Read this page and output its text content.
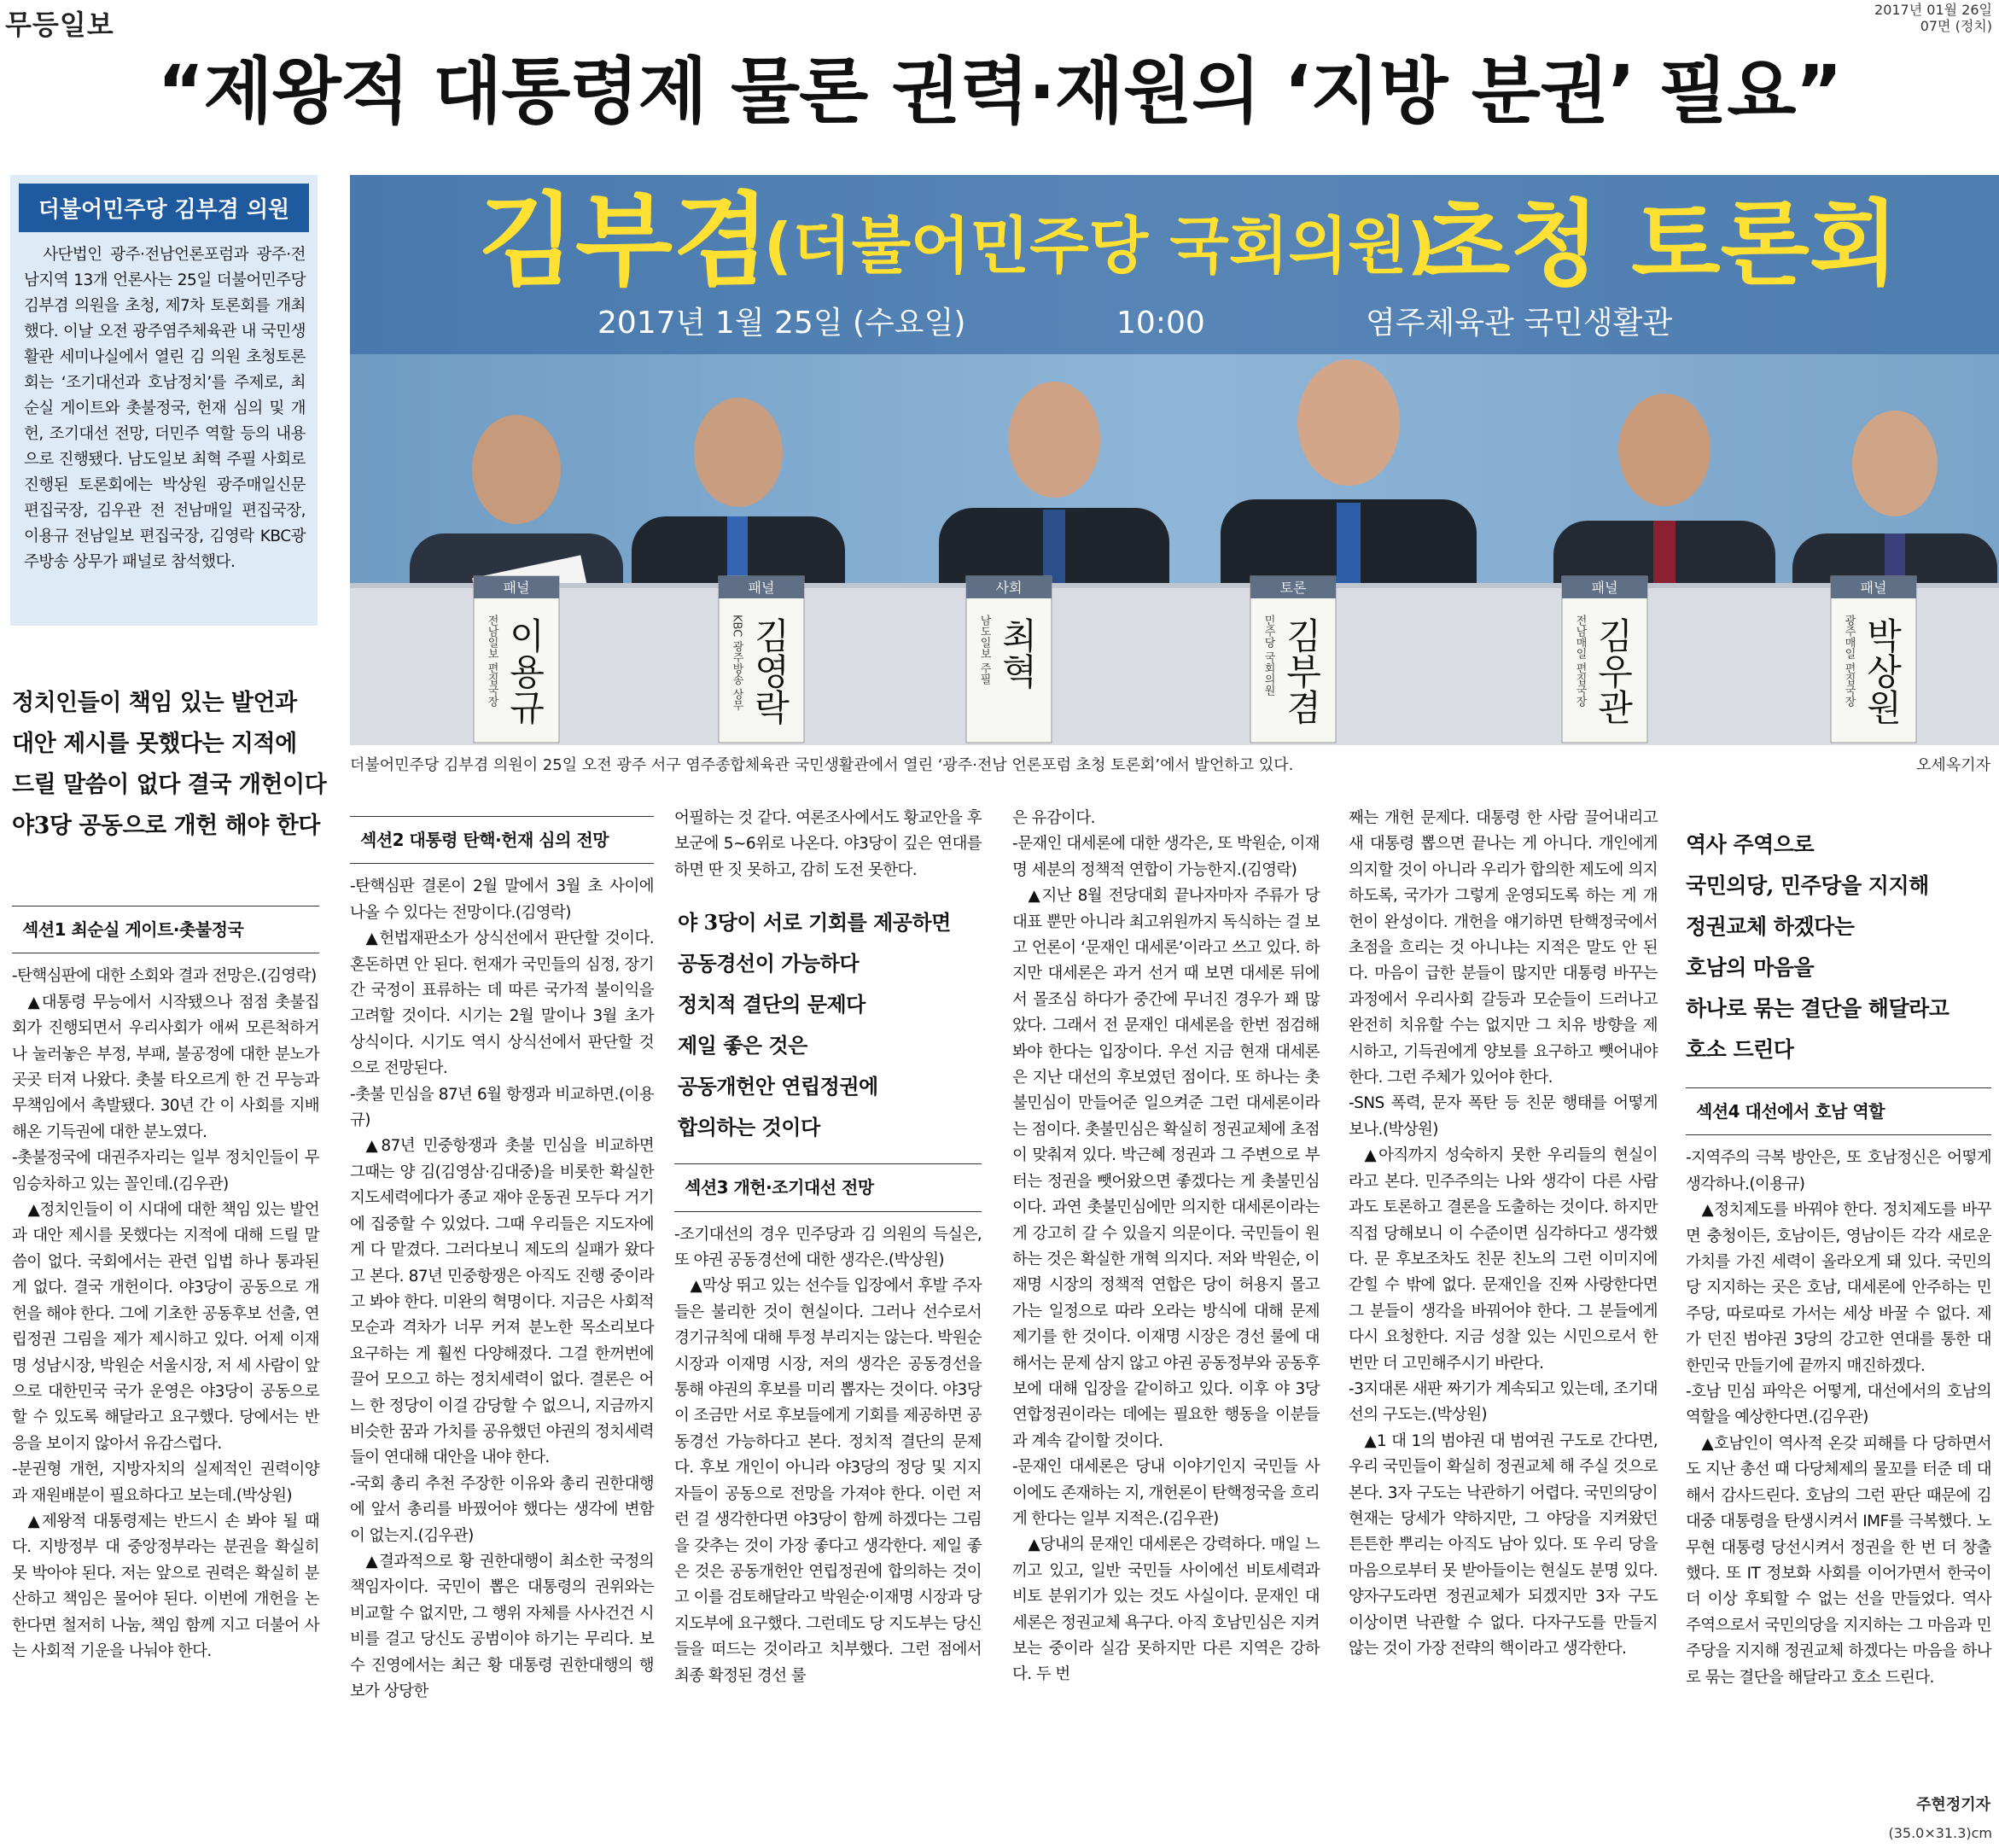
무등일보	2017년 01월 26일
07면 (정치)
“제왕적 대통령제 물론 권력·재원의 ‘지방 분권’ 필요”
더불어민주당 김부겸 의원
사단법인 광주·전남언론포럼과 광주·전남지역 13개 언론사는 25일 더불어민주당 김부겸 의원을 초청, 제7차 토론회를 개최했다. 이날 오전 광주염주체육관 내 국민생활관 세미나실에서 열린 김 의원 초청토론회는 ‘조기대선과 호남정치’를 주제로, 최순실 게이트와 촛불정국, 헌재 심의 및 개헌, 조기대선 전망, 더민주 역할 등의 내용으로 진행됐다. 남도일보 최혁 주필 사회로 진행된 토론회에는 박상원 광주매일신문 편집국장, 김우관 전 전남매일 편집국장, 이용규 전남일보 편집국장, 김영락 KBC광주방송 상무가 패널로 참석했다.
김부겸
(더불어민주당 국회의원)
초청 토론회
2017년 1월 25일 (수요일)	10:00	염주체육관 국민생활관
패널
전남일보 편집국장 이용규
패널
KBC 광주방송 상무 김영락
사회
남도일보 주필 최혁
토론
민주당 국회의원 김부겸
패널
전남매일 편집국장 김우관
패널
광주매일 편집국장 박상원
더불어민주당 김부겸 의원이 25일 오전 광주 서구 염주종합체육관 국민생활관에서 열린 ‘광주·전남 언론포럼 초청 토론회’에서 발언하고 있다.	오세옥기자
정치인들이 책임 있는 발언과
대안 제시를 못했다는 지적에
드릴 말씀이 없다 결국 개헌이다
야3당 공동으로 개헌 해야 한다
섹션1 최순실 게이트·촛불정국

-탄핵심판에 대한 소회와 결과 전망은.(김영락)

▲대통령 무능에서 시작됐으나 점점 촛불집회가 진행되면서 우리사회가 애써 모른척하거나 눌러놓은 부정, 부패, 불공정에 대한 분노가 곳곳 터져 나왔다. 촛불 타오르게 한 건 무능과 무책임에서 촉발됐다. 30년 간 이 사회를 지배해온 기득권에 대한 분노였다.

-촛불정국에 대권주자리는 일부 정치인들이 무임승차하고 있는 꼴인데.(김우관)

▲정치인들이 이 시대에 대한 책임 있는 발언과 대안 제시를 못했다는 지적에 대해 드릴 말씀이 없다. 국회에서는 관련 입법 하나 통과된 게 없다. 결국 개헌이다. 야3당이 공동으로 개헌을 해야 한다. 그에 기초한 공동후보 선출, 연립정권 그림을 제가 제시하고 있다. 어제 이재명 성남시장, 박원순 서울시장, 저 세 사람이 앞으로 대한민국 국가 운영은 야3당이 공동으로 할 수 있도록 해달라고 요구했다. 당에서는 반응을 보이지 않아서 유감스럽다.

-분권형 개헌, 지방자치의 실제적인 권력이양과 재원배분이 필요하다고 보는데.(박상원)

▲제왕적 대통령제는 반드시 손 봐야 될 때다. 지방정부 대 중앙정부라는 분권을 확실히 못 박아야 된다. 저는 앞으로 권력은 확실히 분산하고 책임은 물어야 된다. 이번에 개헌을 논한다면 철저히 나눔, 책임 함께 지고 더불어 사는 사회적 기운을 나눠야 한다.

섹션2 대통령 탄핵·헌재 심의 전망

-탄핵심판 결론이 2월 말에서 3월 초 사이에 나올 수 있다는 전망이다.(김영락)

▲헌법재판소가 상식선에서 판단할 것이다. 혼돈하면 안 된다. 헌재가 국민들의 심정, 장기간 국정이 표류하는 데 따른 국가적 불이익을 고려할 것이다. 시기는 2월 말이나 3월 초가 상식이다. 시기도 역시 상식선에서 판단할 것으로 전망된다.

-촛불 민심을 87년 6월 항쟁과 비교하면.(이용규)

▲87년 민중항쟁과 촛불 민심을 비교하면 그때는 양 김(김영삼·김대중)을 비롯한 확실한 지도세력에다가 종교 재야 운동권 모두다 거기에 집중할 수 있었다. 그때 우리들은 지도자에게 다 맡겼다. 그러다보니 제도의 실패가 왔다고 본다. 87년 민중항쟁은 아직도 진행 중이라고 봐야 한다. 미완의 혁명이다. 지금은 사회적 모순과 격차가 너무 커져 분노한 목소리보다 요구하는 게 훨씬 다양해졌다. 그걸 한꺼번에 끌어 모으고 하는 정치세력이 없다. 결론은 어느 한 정당이 이걸 감당할 수 없으니, 지금까지 비슷한 꿈과 가치를 공유했던 야권의 정치세력들이 연대해 대안을 내야 한다.

-국회 총리 추천 주장한 이유와 총리 권한대행에 앞서 총리를 바꿨어야 했다는 생각에 변함이 없는지.(김우관)

▲결과적으로 황 권한대행이 최소한 국정의 책임자이다. 국민이 뽑은 대통령의 권위와는 비교할 수 없지만, 그 행위 자체를 사사건건 시비를 걸고 당신도 공범이야 하기는 무리다. 보수 진영에서는 최근 황 대통령 권한대행의 행보가 상당한

어필하는 것 같다. 여론조사에서도 황교안을 후보군에 5~6위로 나온다. 야3당이 깊은 연대를 하면 딴 짓 못하고, 감히 도전 못한다.

야 3당이 서로 기회를 제공하면
공동경선이 가능하다
정치적 결단의 문제다
제일 좋은 것은
공동개헌안 연립정권에
합의하는 것이다
섹션3 개헌·조기대선 전망

-조기대선의 경우 민주당과 김 의원의 득실은, 또 야권 공동경선에 대한 생각은.(박상원)

▲막상 뛰고 있는 선수들 입장에서 후발 주자들은 불리한 것이 현실이다. 그러나 선수로서 경기규칙에 대해 투정 부리지는 않는다. 박원순 시장과 이재명 시장, 저의 생각은 공동경선을 통해 야권의 후보를 미리 뽑자는 것이다. 야3당이 조금만 서로 후보들에게 기회를 제공하면 공동경선 가능하다고 본다. 정치적 결단의 문제다. 후보 개인이 아니라 야3당의 정당 및 지지자들이 공동으로 전망을 가져야 한다. 이런 저런 걸 생각한다면 야3당이 함께 하겠다는 그림을 갖추는 것이 가장 좋다고 생각한다. 제일 좋은 것은 공동개헌안 연립정권에 합의하는 것이고 이를 검토해달라고 박원순·이재명 시장과 당 지도부에 요구했다. 그런데도 당 지도부는 당신들을 떠드는 것이라고 치부했다. 그런 점에서 최종 확정된 경선 룰

은 유감이다.

-문재인 대세론에 대한 생각은, 또 박원순, 이재명 세분의 정책적 연합이 가능한지.(김영락)

▲지난 8월 전당대회 끝나자마자 주류가 당 대표 뿐만 아니라 최고위원까지 독식하는 걸 보고 언론이 ‘문재인 대세론’이라고 쓰고 있다. 하지만 대세론은 과거 선거 때 보면 대세론 뒤에서 몰조심 하다가 중간에 무너진 경우가 꽤 많았다. 그래서 전 문재인 대세론을 한번 점검해봐야 한다는 입장이다. 우선 지금 현재 대세론은 지난 대선의 후보였던 점이다. 또 하나는 촛불민심이 만들어준 일으켜준 그런 대세론이라는 점이다. 촛불민심은 확실히 정권교체에 초점이 맞춰져 있다. 박근혜 정권과 그 주변으로 부터는 정권을 뺏어왔으면 좋겠다는 게 촛불민심이다. 과연 촛불민심에만 의지한 대세론이라는 게 강고히 갈 수 있을지 의문이다. 국민들이 원하는 것은 확실한 개혁 의지다. 저와 박원순, 이재명 시장의 정책적 연합은 당이 허용지 몰고 가는 일정으로 따라 오라는 방식에 대해 문제 제기를 한 것이다. 이재명 시장은 경선 룰에 대해서는 문제 삼지 않고 야권 공동정부와 공동후보에 대해 입장을 같이하고 있다. 이후 야 3당 연합정권이라는 데에는 필요한 행동을 이분들과 계속 같이할 것이다.

-문재인 대세론은 당내 이야기인지 국민들 사이에도 존재하는 지, 개헌론이 탄핵정국을 흐리게 한다는 일부 지적은.(김우관)

▲당내의 문재인 대세론은 강력하다. 매일 느끼고 있고, 일반 국민들 사이에선 비토세력과 비토 분위기가 있는 것도 사실이다. 문재인 대세론은 정권교체 욕구다. 아직 호남민심은 지켜보는 중이라 실감 못하지만 다른 지역은 강하다. 두 번

째는 개헌 문제다. 대통령 한 사람 끌어내리고 새 대통령 뽑으면 끝나는 게 아니다. 개인에게 의지할 것이 아니라 우리가 합의한 제도에 의지하도록, 국가가 그렇게 운영되도록 하는 게 개헌이 완성이다. 개헌을 얘기하면 탄핵정국에서 초점을 흐리는 것 아니냐는 지적은 말도 안 된다. 마음이 급한 분들이 많지만 대통령 바꾸는 과정에서 우리사회 갈등과 모순들이 드러나고 완전히 치유할 수는 없지만 그 치유 방향을 제시하고, 기득권에게 양보를 요구하고 뺏어내야 한다. 그런 주체가 있어야 한다.

-SNS 폭력, 문자 폭탄 등 친문 행태를 어떻게 보나.(박상원)

▲아직까지 성숙하지 못한 우리들의 현실이라고 본다. 민주주의는 나와 생각이 다른 사람과도 토론하고 결론을 도출하는 것이다. 하지만 직접 당해보니 이 수준이면 심각하다고 생각했다. 문 후보조차도 친문 친노의 그런 이미지에 갇힐 수 밖에 없다. 문재인을 진짜 사랑한다면 그 분들이 생각을 바꿔어야 한다. 그 분들에게 다시 요청한다. 지금 성찰 있는 시민으로서 한 번만 더 고민해주시기 바란다.

-3지대론 새판 짜기가 계속되고 있는데, 조기대선의 구도는.(박상원)

▲1 대 1의 범야권 대 범여권 구도로 간다면, 우리 국민들이 확실히 정권교체 해 주실 것으로 본다. 3자 구도는 낙관하기 어렵다. 국민의당이 현재는 당세가 약하지만, 그 야당을 지켜왔던 튼튼한 뿌리는 아직도 남아 있다. 또 우리 당을 마음으로부터 못 받아들이는 현실도 분명 있다. 양자구도라면 정권교체가 되겠지만 3자 구도 이상이면 낙관할 수 없다. 다자구도를 만들지 않는 것이 가장 전략의 핵이라고 생각한다.

역사 주역으로
국민의당, 민주당을 지지해
정권교체 하겠다는
호남의 마음을
하나로 묶는 결단을 해달라고
호소 드린다
섹션4 대선에서 호남 역할

-지역주의 극복 방안은, 또 호남정신은 어떻게 생각하나.(이용규)

▲정치제도를 바꿔야 한다. 정치제도를 바꾸면 충청이든, 호남이든, 영남이든 각각 새로운 가치를 가진 세력이 올라오게 돼 있다. 국민의당 지지하는 곳은 호남, 대세론에 안주하는 민주당, 따로따로 가서는 세상 바꿀 수 없다. 제가 던진 범야권 3당의 강고한 연대를 통한 대한민국 만들기에 끝까지 매진하겠다.

-호남 민심 파악은 어떻게, 대선에서의 호남의 역할을 예상한다면.(김우관)

▲호남인이 역사적 온갖 피해를 다 당하면서도 지난 총선 때 다당체제의 물꼬를 터준 데 대해서 감사드린다. 호남의 그런 판단 때문에 김대중 대통령을 탄생시켜서 IMF를 극복했다. 노무현 대통령 당선시켜서 정권을 한 번 더 창출했다. 또 IT 정보화 사회를 이어가면서 한국이 더 이상 후퇴할 수 없는 선을 만들었다. 역사 주역으로서 국민의당을 지지하는 그 마음과 민주당을 지지해 정권교체 하겠다는 마음을 하나로 묶는 결단을 해달라고 호소 드린다.

주현정기자
(35.0×31.3)cm
